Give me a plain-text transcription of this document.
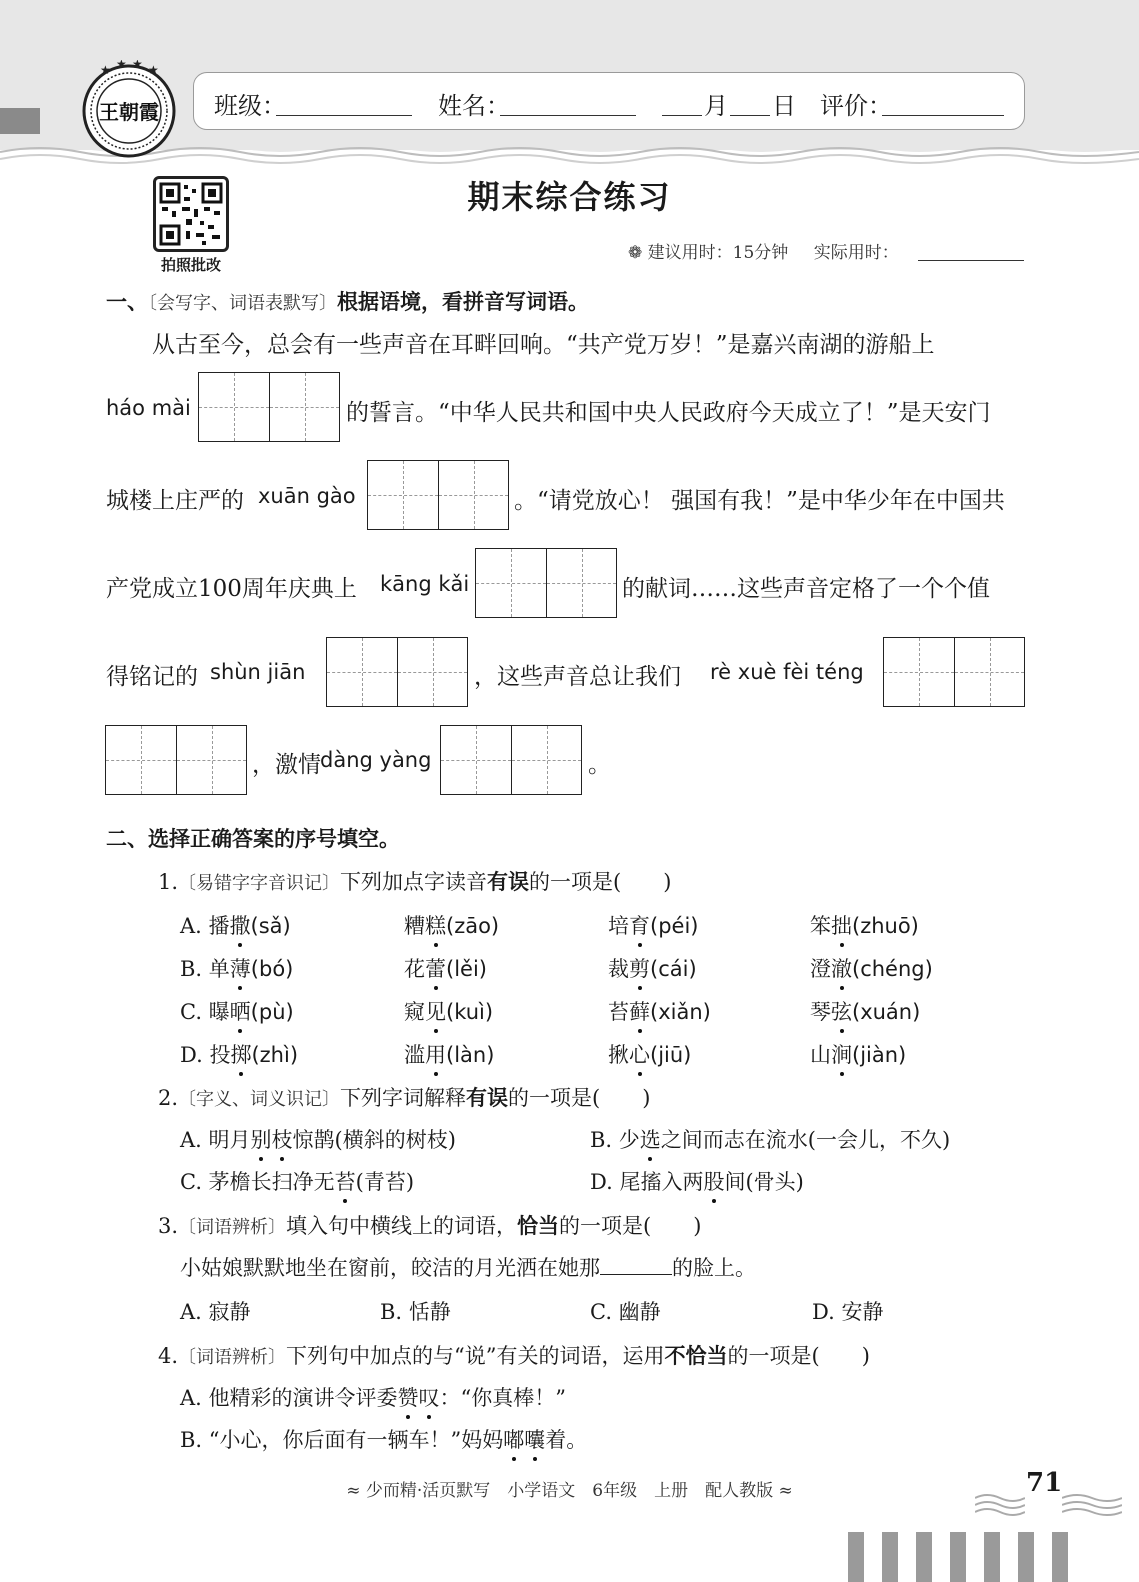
★ ★ ★ ★
王朝霞 班级：	姓名：	月 日 评价：
拍照批改
期末综合练习
❁ 建议用时：15分钟 实际用时：
一、〔会写字、词语表默写〕根据语境，看拼音写词语。
从古至今，总会有一些声音在耳畔回响。“共产党万岁！”是嘉兴南湖的游船上
háo mài	的誓言。“中华人民共和国中央人民政府今天成立了！”是天安门
城楼上庄严的 xuān gào	。“请党放心！ 强国有我！”是中华少年在中国共
产党成立100周年庆典上 kāng kǎi	的献词……这些声音定格了一个个值
得铭记的 shùn jiān	，这些声音总让我们 rè xuè fèi téng
，激情 dàng yàng	。
二、选择正确答案的序号填空。
1.〔易错字字音识记〕下列加点字读音有误的一项是(　　)
A. 播撒(sǎ)	糟糕(zāo)	培育(péi)	笨拙(zhuō)
B. 单薄(bó)	花蕾(lěi)	裁剪(cái)	澄澈(chéng)
C. 曝晒(pù)	窥见(kuì)	苔藓(xiǎn)	琴弦(xuán)
D. 投掷(zhì)	滥用(làn)	揪心(jiū)	山涧(jiàn)
2.〔字义、词义识记〕下列字词解释有误的一项是(　　)
A. 明月别枝惊鹊(横斜的树枝)	B. 少选之间而志在流水(一会儿，不久)
C. 茅檐长扫净无苔(青苔)	D. 尾搐入两股间(骨头)
3.〔词语辨析〕填入句中横线上的词语，恰当的一项是(　　)
小姑娘默默地坐在窗前，皎洁的月光洒在她那	的脸上。
A. 寂静	B. 恬静	C. 幽静	D. 安静
4.〔词语辨析〕下列句中加点的与“说”有关的词语，运用不恰当的一项是(　　)
A. 他精彩的演讲令评委赞叹：“你真棒！”
B. “小心，你后面有一辆车！”妈妈嘟囔着。
≈ 少而精·活页默写　小学语文　6年级　上册　配人教版 ≈	71
